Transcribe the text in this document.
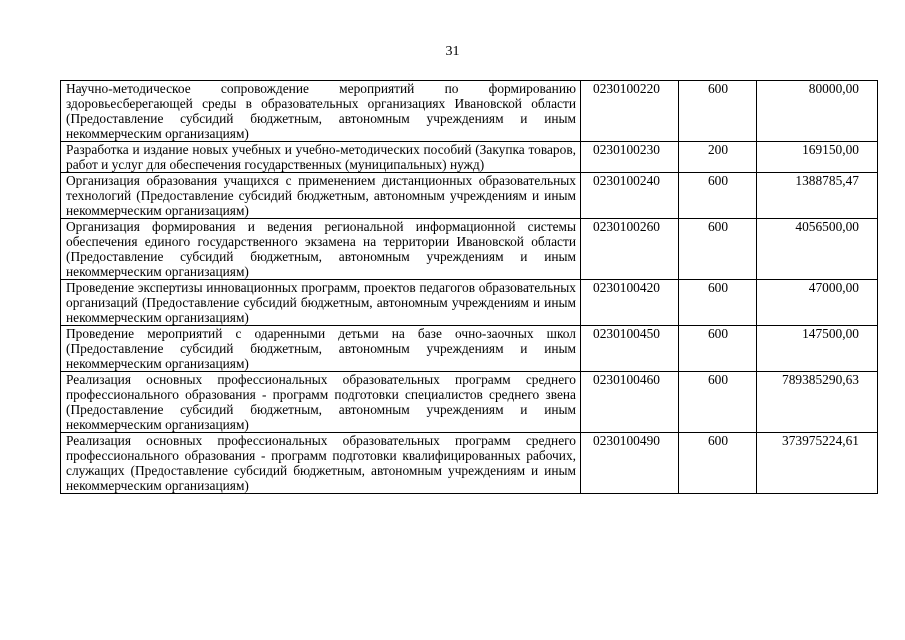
31
Научно-методическое сопровождение мероприятий по формированию здоровьесберегающей среды в образовательных организациях Ивановской области (Предоставление субсидий бюджетным, автономным учреждениям и иным некоммерческим организациям)	0230100220	600	80000,00
Разработка и издание новых учебных и учебно-методических пособий (Закупка товаров, работ и услуг для обеспечения государственных (муниципальных) нужд)	0230100230	200	169150,00
Организация образования учащихся с применением дистанционных образовательных технологий (Предоставление субсидий бюджетным, автономным учреждениям и иным некоммерческим организациям)	0230100240	600	1388785,47
Организация формирования и ведения региональной информационной системы обеспечения единого государственного экзамена на территории Ивановской области (Предоставление субсидий бюджетным, автономным учреждениям и иным некоммерческим организациям)	0230100260	600	4056500,00
Проведение экспертизы инновационных программ, проектов педагогов образовательных организаций (Предоставление субсидий бюджетным, автономным учреждениям и иным некоммерческим организациям)	0230100420	600	47000,00
Проведение мероприятий с одаренными детьми на базе очно-заочных школ (Предоставление субсидий бюджетным, автономным учреждениям и иным некоммерческим организациям)	0230100450	600	147500,00
Реализация основных профессиональных образовательных программ среднего профессионального образования - программ подготовки специалистов среднего звена (Предоставление субсидий бюджетным, автономным учреждениям и иным некоммерческим организациям)	0230100460	600	789385290,63
Реализация основных профессиональных образовательных программ среднего профессионального образования - программ подготовки квалифицированных рабочих, служащих (Предоставление субсидий бюджетным, автономным учреждениям и иным некоммерческим организациям)	0230100490	600	373975224,61
